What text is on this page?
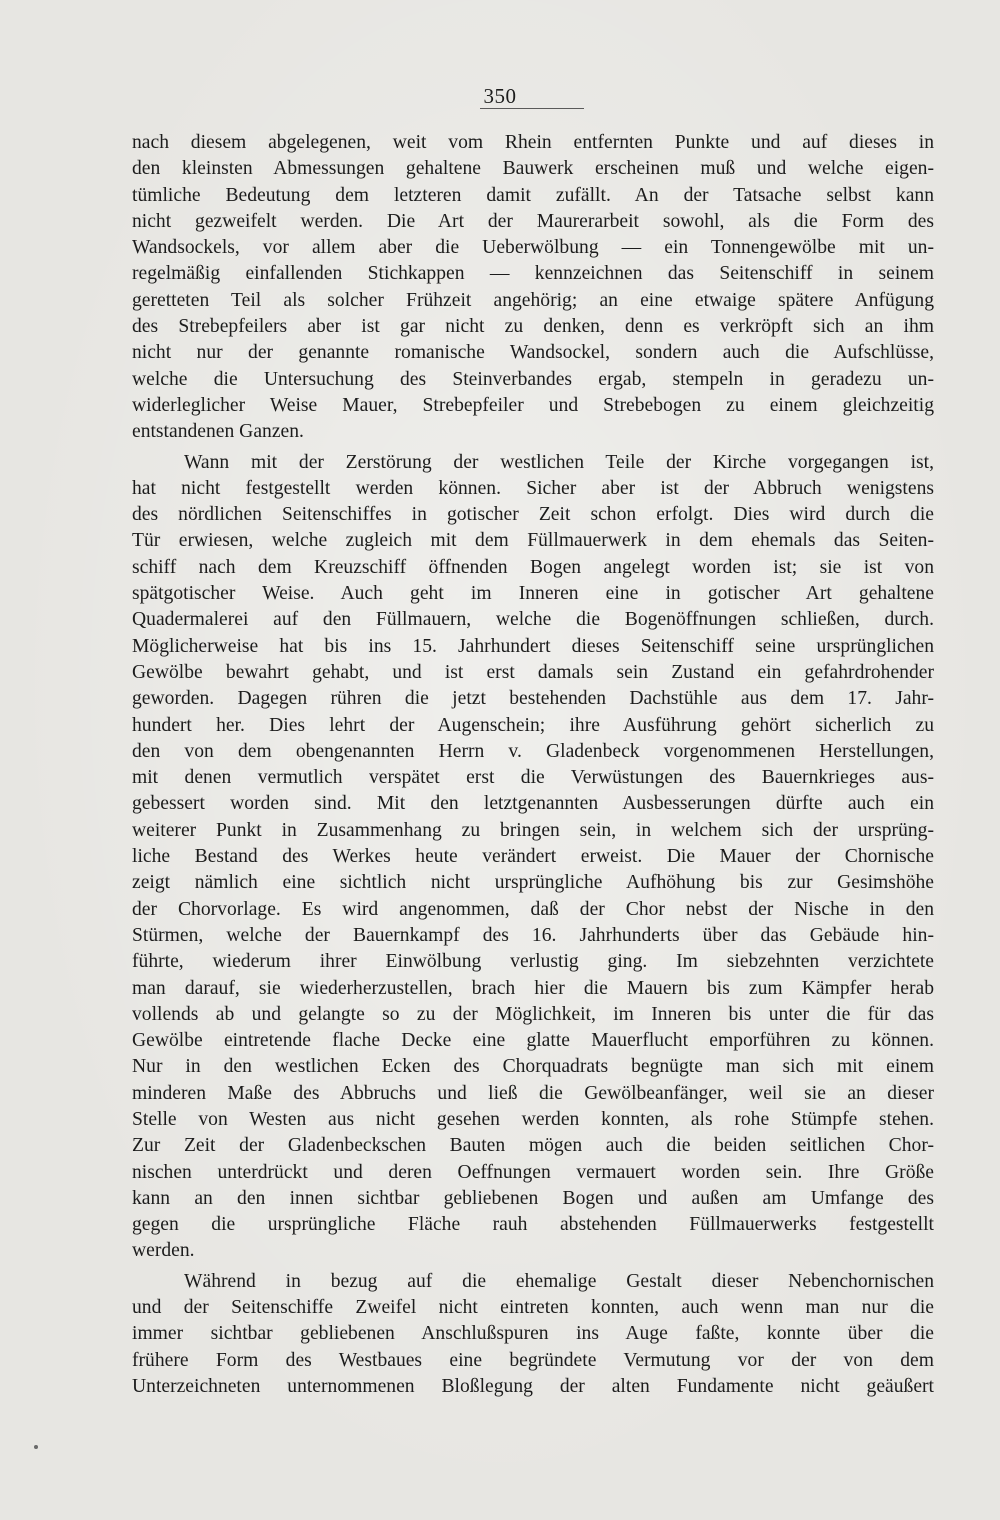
350
nach diesem abgelegenen, weit vom Rhein entfernten Punkte und auf dieses in
den kleinsten Abmessungen gehaltene Bauwerk erscheinen muß und welche eigen-
tümliche Bedeutung dem letzteren damit zufällt. An der Tatsache selbst kann
nicht gezweifelt werden. Die Art der Maurerarbeit sowohl, als die Form des
Wandsockels, vor allem aber die Ueberwölbung — ein Tonnengewölbe mit un-
regelmäßig einfallenden Stichkappen — kennzeichnen das Seitenschiff in seinem
geretteten Teil als solcher Frühzeit angehörig; an eine etwaige spätere Anfügung
des Strebepfeilers aber ist gar nicht zu denken, denn es verkröpft sich an ihm
nicht nur der genannte romanische Wandsockel, sondern auch die Aufschlüsse,
welche die Untersuchung des Steinverbandes ergab, stempeln in geradezu un-
widerleglicher Weise Mauer, Strebepfeiler und Strebebogen zu einem gleichzeitig
entstandenen Ganzen.
Wann mit der Zerstörung der westlichen Teile der Kirche vorgegangen ist,
hat nicht festgestellt werden können. Sicher aber ist der Abbruch wenigstens
des nördlichen Seitenschiffes in gotischer Zeit schon erfolgt. Dies wird durch die
Tür erwiesen, welche zugleich mit dem Füllmauerwerk in dem ehemals das Seiten-
schiff nach dem Kreuzschiff öffnenden Bogen angelegt worden ist; sie ist von
spätgotischer Weise. Auch geht im Inneren eine in gotischer Art gehaltene
Quadermalerei auf den Füllmauern, welche die Bogenöffnungen schließen, durch.
Möglicherweise hat bis ins 15. Jahrhundert dieses Seitenschiff seine ursprünglichen
Gewölbe bewahrt gehabt, und ist erst damals sein Zustand ein gefahrdrohender
geworden. Dagegen rühren die jetzt bestehenden Dachstühle aus dem 17. Jahr-
hundert her. Dies lehrt der Augenschein; ihre Ausführung gehört sicherlich zu
den von dem obengenannten Herrn v. Gladenbeck vorgenommenen Herstellungen,
mit denen vermutlich verspätet erst die Verwüstungen des Bauernkrieges aus-
gebessert worden sind. Mit den letztgenannten Ausbesserungen dürfte auch ein
weiterer Punkt in Zusammenhang zu bringen sein, in welchem sich der ursprüng-
liche Bestand des Werkes heute verändert erweist. Die Mauer der Chornische
zeigt nämlich eine sichtlich nicht ursprüngliche Aufhöhung bis zur Gesimshöhe
der Chorvorlage. Es wird angenommen, daß der Chor nebst der Nische in den
Stürmen, welche der Bauernkampf des 16. Jahrhunderts über das Gebäude hin-
führte, wiederum ihrer Einwölbung verlustig ging. Im siebzehnten verzichtete
man darauf, sie wiederherzustellen, brach hier die Mauern bis zum Kämpfer herab
vollends ab und gelangte so zu der Möglichkeit, im Inneren bis unter die für das
Gewölbe eintretende flache Decke eine glatte Mauerflucht emporführen zu können.
Nur in den westlichen Ecken des Chorquadrats begnügte man sich mit einem
minderen Maße des Abbruchs und ließ die Gewölbeanfänger, weil sie an dieser
Stelle von Westen aus nicht gesehen werden konnten, als rohe Stümpfe stehen.
Zur Zeit der Gladenbeckschen Bauten mögen auch die beiden seitlichen Chor-
nischen unterdrückt und deren Oeffnungen vermauert worden sein. Ihre Größe
kann an den innen sichtbar gebliebenen Bogen und außen am Umfange des
gegen die ursprüngliche Fläche rauh abstehenden Füllmauerwerks festgestellt
werden.
Während in bezug auf die ehemalige Gestalt dieser Nebenchornischen
und der Seitenschiffe Zweifel nicht eintreten konnten, auch wenn man nur die
immer sichtbar gebliebenen Anschlußspuren ins Auge faßte, konnte über die
frühere Form des Westbaues eine begründete Vermutung vor der von dem
Unterzeichneten unternommenen Bloßlegung der alten Fundamente nicht geäußert
